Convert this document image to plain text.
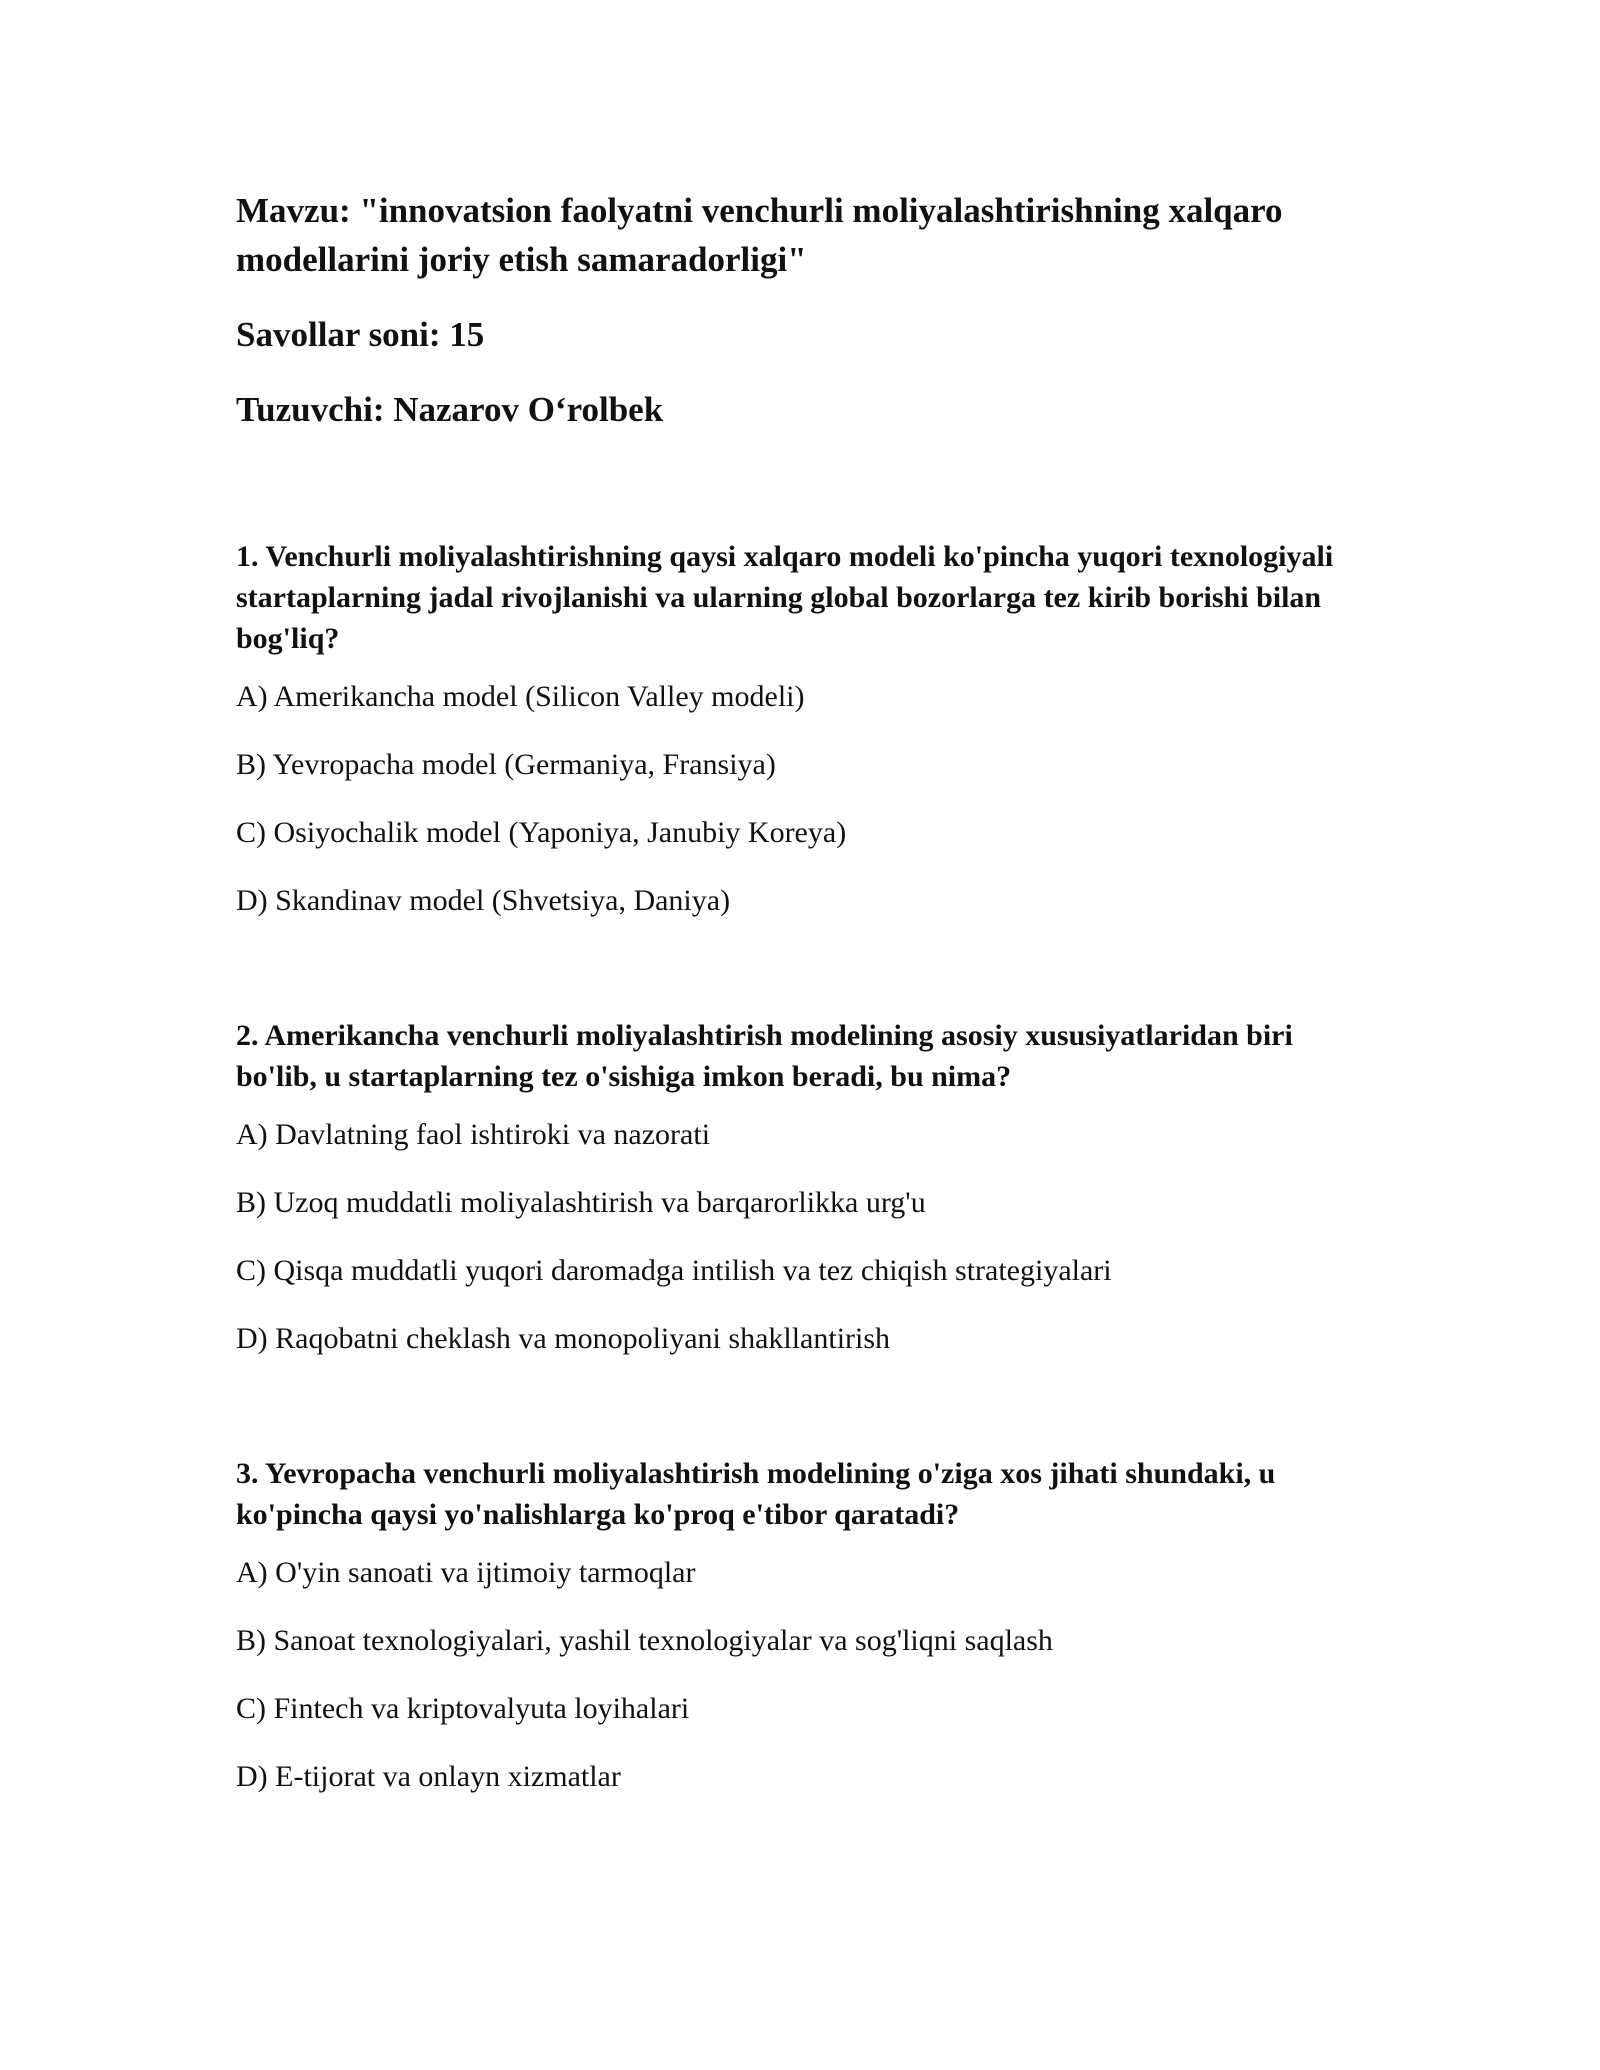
Mavzu: "innovatsion faolyatni venchurli moliyalashtirishning xalqaro modellarini joriy etish samaradorligi"

Savollar soni: 15

Tuzuvchi: Nazarov O‘rolbek

1. Venchurli moliyalashtirishning qaysi xalqaro modeli ko'pincha yuqori texnologiyali startaplarning jadal rivojlanishi va ularning global bozorlarga tez kirib borishi bilan bog'liq?

A) Amerikancha model (Silicon Valley modeli)

B) Yevropacha model (Germaniya, Fransiya)

C) Osiyochalik model (Yaponiya, Janubiy Koreya)

D) Skandinav model (Shvetsiya, Daniya)

2. Amerikancha venchurli moliyalashtirish modelining asosiy xususiyatlaridan biri bo'lib, u startaplarning tez o'sishiga imkon beradi, bu nima?

A) Davlatning faol ishtiroki va nazorati

B) Uzoq muddatli moliyalashtirish va barqarorlikka urg'u

C) Qisqa muddatli yuqori daromadga intilish va tez chiqish strategiyalari

D) Raqobatni cheklash va monopoliyani shakllantirish

3. Yevropacha venchurli moliyalashtirish modelining o'ziga xos jihati shundaki, u ko'pincha qaysi yo'nalishlarga ko'proq e'tibor qaratadi?

A) O'yin sanoati va ijtimoiy tarmoqlar

B) Sanoat texnologiyalari, yashil texnologiyalar va sog'liqni saqlash

C) Fintech va kriptovalyuta loyihalari

D) E-tijorat va onlayn xizmatlar
